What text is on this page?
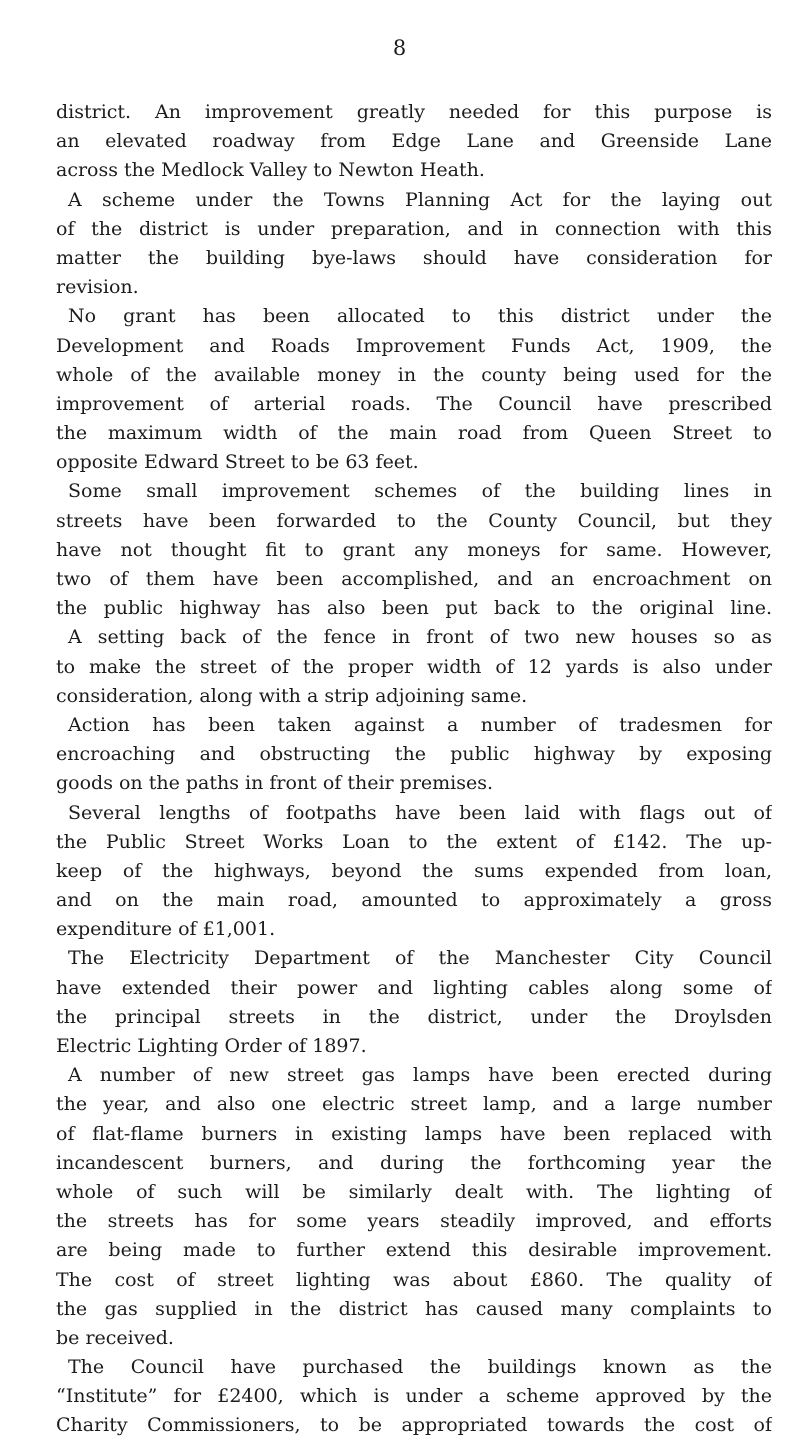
8
district. An improvement greatly needed for this purpose is
an elevated roadway from Edge Lane and Greenside Lane
across the Medlock Valley to Newton Heath.
A scheme under the Towns Planning Act for the laying out
of the district is under preparation, and in connection with this
matter the building bye-laws should have consideration for
revision.
No grant has been allocated to this district under the
Development and Roads Improvement Funds Act, 1909, the
whole of the available money in the county being used for the
improvement of arterial roads. The Council have prescribed
the maximum width of the main road from Queen Street to
opposite Edward Street to be 63 feet.
Some small improvement schemes of the building lines in
streets have been forwarded to the County Council, but they
have not thought fit to grant any moneys for same. However,
two of them have been accomplished, and an encroachment on
the public highway has also been put back to the original line.
A setting back of the fence in front of two new houses so as
to make the street of the proper width of 12 yards is also under
consideration, along with a strip adjoining same.
Action has been taken against a number of tradesmen for
encroaching and obstructing the public highway by exposing
goods on the paths in front of their premises.
Several lengths of footpaths have been laid with flags out of
the Public Street Works Loan to the extent of £142. The up-
keep of the highways, beyond the sums expended from loan,
and on the main road, amounted to approximately a gross
expenditure of £1,001.
The Electricity Department of the Manchester City Council
have extended their power and lighting cables along some of
the principal streets in the district, under the Droylsden
Electric Lighting Order of 1897.
A number of new street gas lamps have been erected during
the year, and also one electric street lamp, and a large number
of flat-flame burners in existing lamps have been replaced with
incandescent burners, and during the forthcoming year the
whole of such will be similarly dealt with. The lighting of
the streets has for some years steadily improved, and efforts
are being made to further extend this desirable improvement.
The cost of street lighting was about £860. The quality of
the gas supplied in the district has caused many complaints to
be received.
The Council have purchased the buildings known as the
“Institute” for £2400, which is under a scheme approved by the
Charity Commissioners, to be appropriated towards the cost of
